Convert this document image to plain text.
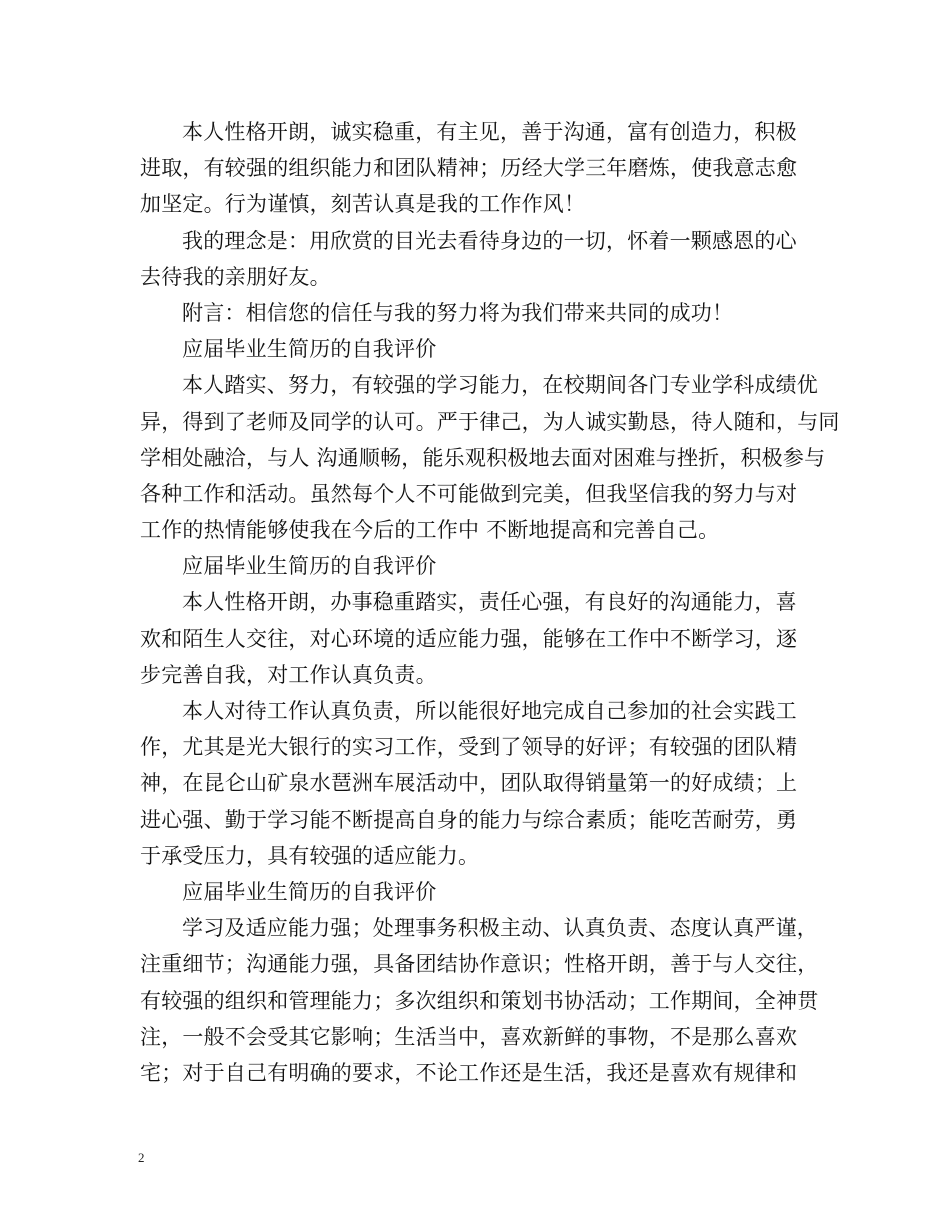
本人性格开朗，诚实稳重，有主见，善于沟通，富有创造力，积极
进取，有较强的组织能力和团队精神；历经大学三年磨炼，使我意志愈
加坚定。行为谨慎，刻苦认真是我的工作作风！
我的理念是：用欣赏的目光去看待身边的一切，怀着一颗感恩的心
去待我的亲朋好友。
附言：相信您的信任与我的努力将为我们带来共同的成功！
应届毕业生简历的自我评价
本人踏实、努力，有较强的学习能力，在校期间各门专业学科成绩优
异，得到了老师及同学的认可。严于律己，为人诚实勤恳，待人随和，与同
学相处融洽，与人 沟通顺畅，能乐观积极地去面对困难与挫折，积极参与
各种工作和活动。虽然每个人不可能做到完美，但我坚信我的努力与对
工作的热情能够使我在今后的工作中 不断地提高和完善自己。
应届毕业生简历的自我评价
本人性格开朗，办事稳重踏实，责任心强，有良好的沟通能力，喜
欢和陌生人交往，对心环境的适应能力强，能够在工作中不断学习，逐
步完善自我，对工作认真负责。
本人对待工作认真负责，所以能很好地完成自己参加的社会实践工
作，尤其是光大银行的实习工作，受到了领导的好评；有较强的团队精
神，在昆仑山矿泉水琶洲车展活动中，团队取得销量第一的好成绩；上
进心强、勤于学习能不断提高自身的能力与综合素质；能吃苦耐劳，勇
于承受压力，具有较强的适应能力。
应届毕业生简历的自我评价
学习及适应能力强；处理事务积极主动、认真负责、态度认真严谨，
注重细节；沟通能力强，具备团结协作意识；性格开朗，善于与人交往，
有较强的组织和管理能力；多次组织和策划书协活动；工作期间，全神贯
注，一般不会受其它影响；生活当中，喜欢新鲜的事物，不是那么喜欢
宅；对于自己有明确的要求，不论工作还是生活，我还是喜欢有规律和
2
